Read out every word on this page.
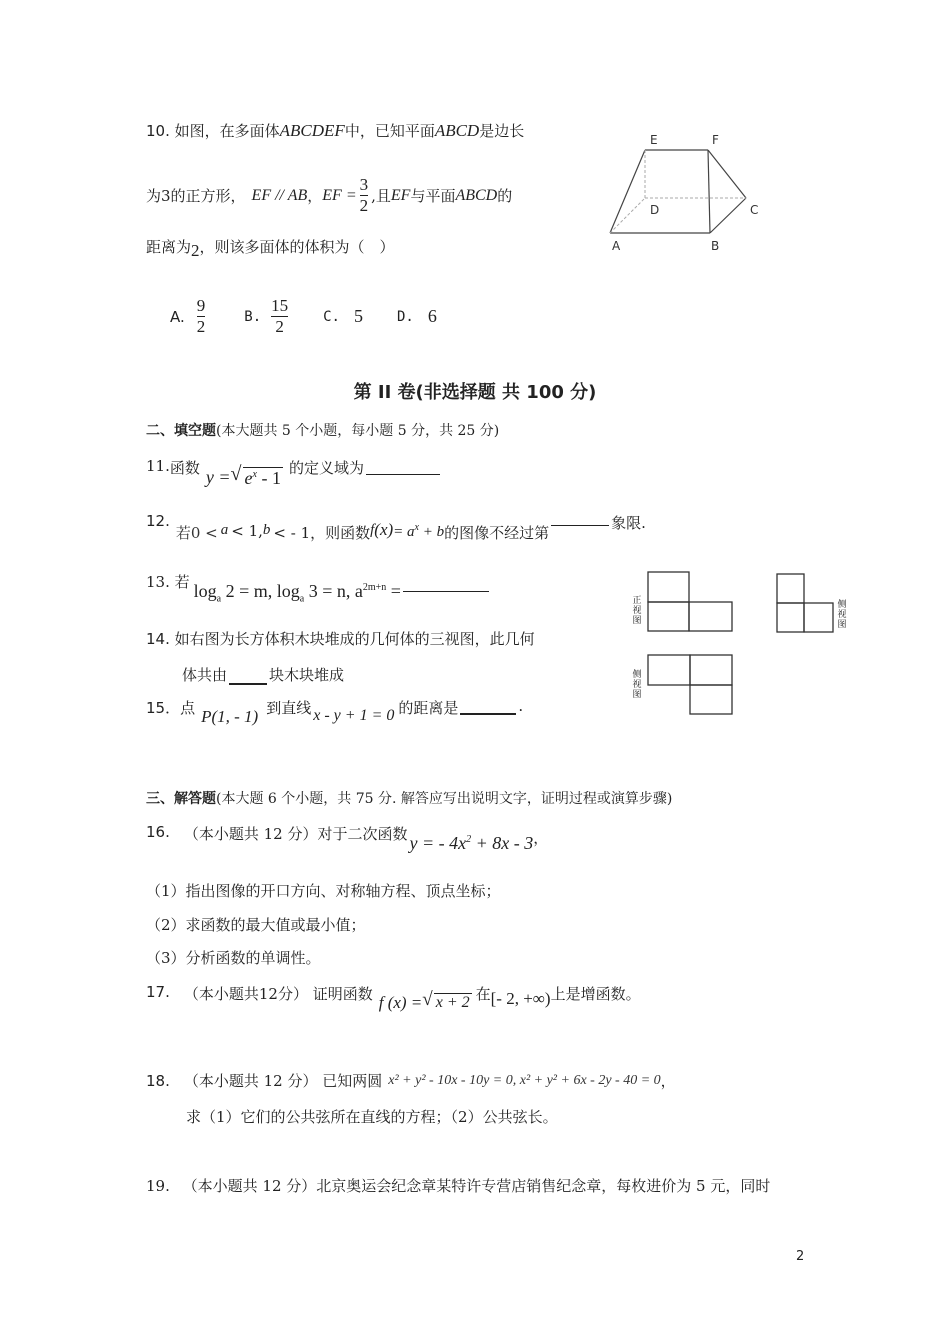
10. 如图，在多面体ABCDEF中，已知平面ABCD是边长
为3的正方形， EF // AB ， EF = $\frac{3}{2}$ ,且 EF 与平面 ABCD 的
距离为2，则该多面体的体积为（　）
E	F
D	C
A	B
A. $\frac{9}{2}$	B. $\frac{15}{2}$	C. 5 D. 6
第 II 卷(非选择题 共 100 分)
二、填空题(本大题共 5 个小题，每小题 5 分，共 25 分)
11. 函数 y = √ $e^x - 1$ 的定义域为
12.
若0 < a < 1, b < - 1，则函数 f $(x) = a^x + b$ 的图像不经过第
象限.
13. 若 $\log_a 2 = m$, $\log_a 3 = n$, $a^{2m+n}$ =
14. 如右图为长方体积木块堆成的几何体的三视图，此几何
体共由	块木块堆成
正视图
侧视图
侧视图
15．点 P(1, - 1) 到直线 x - y + 1 = 0 的距离是	.
三、解答题(本大题 6 个小题，共 75 分. 解答应写出说明文字，证明过程或演算步骤)
16. （本小题共 12 分）对于二次函数 y = - $4x^2 + 8x - 3$ ，
（1）指出图像的开口方向、对称轴方程、顶点坐标；
（2）求函数的最大值或最小值；
（3）分析函数的单调性。
17. （本小题共12分） 证明函数 f (x) = √ x + 2 在 [- 2, +∞) 上是增函数。
18. （本小题共 12 分） 已知两圆 x² + y² - 10x - 10y = 0, x² + y² + 6x - 2y - 40 = 0 ，
求（1）它们的公共弦所在直线的方程；（2）公共弦长。
19. （本小题共 12 分）北京奥运会纪念章某特许专营店销售纪念章，每枚进价为 5 元，同时
2
